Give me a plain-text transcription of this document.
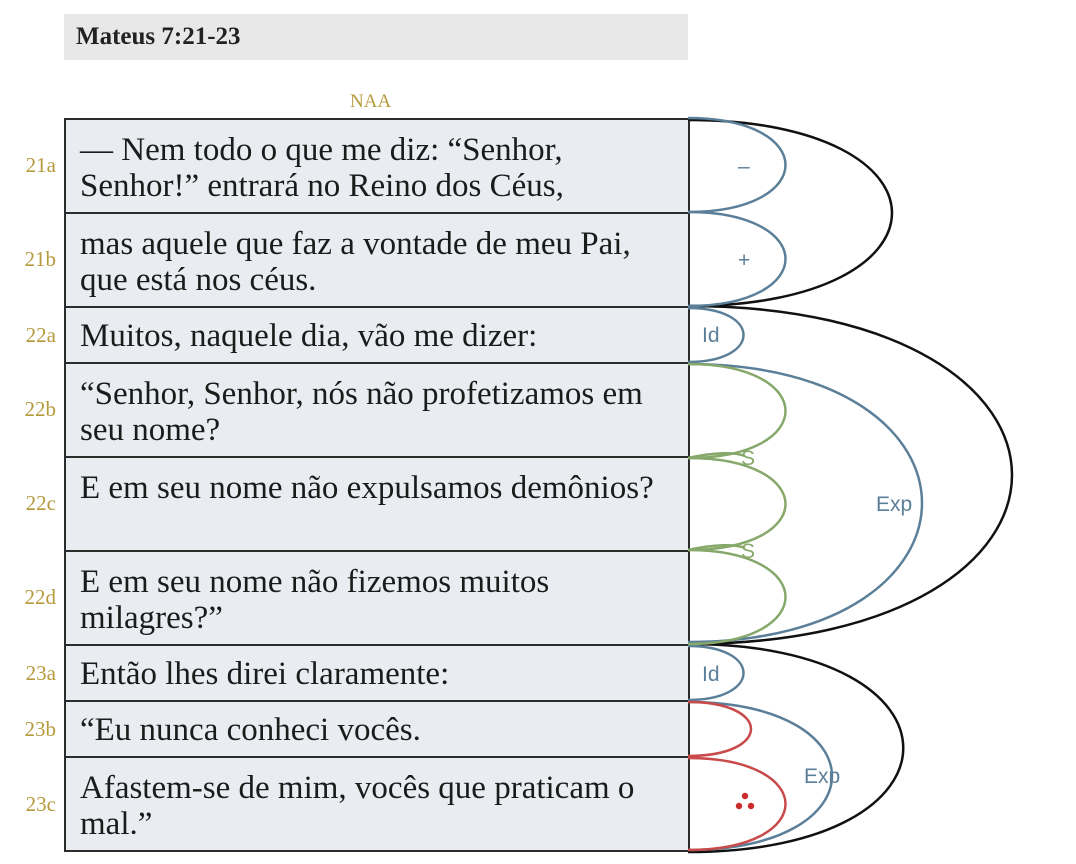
Mateus 7:21-23
NAA
21a
21b
22a
22b
22c
22d
23a
23b
23c
— Nem todo o que me diz: “Senhor, Senhor!” entrará no Reino dos Céus,
mas aquele que faz a vontade de meu Pai, que está nos céus.
Muitos, naquele dia, vão me dizer:
“Senhor, Senhor, nós não profetizamos em seu nome?
E em seu nome não expulsamos demônios?
E em seu nome não fizemos muitos milagres?”
Então lhes direi claramente:
“Eu nunca conheci vocês.
Afastem-se de mim, vocês que praticam o mal.”
–
+
Id
S
S
Exp
Id
Exp
